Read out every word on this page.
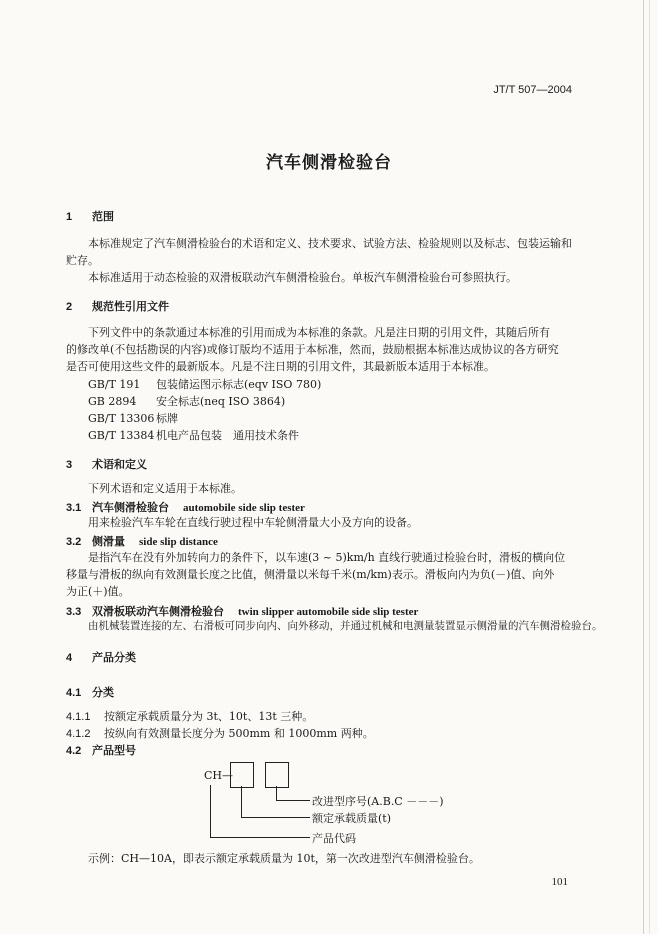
JT/T 507—2004
汽车侧滑检验台
1 范围
本标准规定了汽车侧滑检验台的术语和定义、技术要求、试验方法、检验规则以及标志、包装运输和
贮存。
本标准适用于动态检验的双滑板联动汽车侧滑检验台。单板汽车侧滑检验台可参照执行。
2 规范性引用文件
下列文件中的条款通过本标准的引用而成为本标准的条款。凡是注日期的引用文件，其随后所有
的修改单(不包括勘误的内容)或修订版均不适用于本标准，然而，鼓励根据本标准达成协议的各方研究
是否可使用这些文件的最新版本。凡是不注日期的引用文件，其最新版本适用于本标准。
GB/T 191 包装储运图示标志(eqv ISO 780)
GB 2894 安全标志(neq ISO 3864)
GB/T 13306 标牌
GB/T 13384 机电产品包装　通用技术条件
3 术语和定义
下列术语和定义适用于本标准。
3.1 汽车侧滑检验台 automobile side slip tester
用来检验汽车车轮在直线行驶过程中车轮侧滑量大小及方向的设备。
3.2 侧滑量 side slip distance
是指汽车在没有外加转向力的条件下，以车速(3 ~ 5)km/h 直线行驶通过检验台时，滑板的横向位
移量与滑板的纵向有效测量长度之比值，侧滑量以米每千米(m/km)表示。滑板向内为负(－)值、向外
为正(＋)值。
3.3 双滑板联动汽车侧滑检验台 twin slipper automobile side slip tester
由机械装置连接的左、右滑板可同步向内、向外移动，并通过机械和电测量装置显示侧滑量的汽车侧滑检验台。
4 产品分类
4.1 分类
4.1.1 按额定承载质量分为 3t、10t、13t 三种。
4.1.2 按纵向有效测量长度分为 500mm 和 1000mm 两种。
4.2 产品型号
CH—
改进型序号(A.B.C －－－)
额定承载质量(t)
产品代码
示例：CH—10A，即表示额定承载质量为 10t，第一次改进型汽车侧滑检验台。
101
